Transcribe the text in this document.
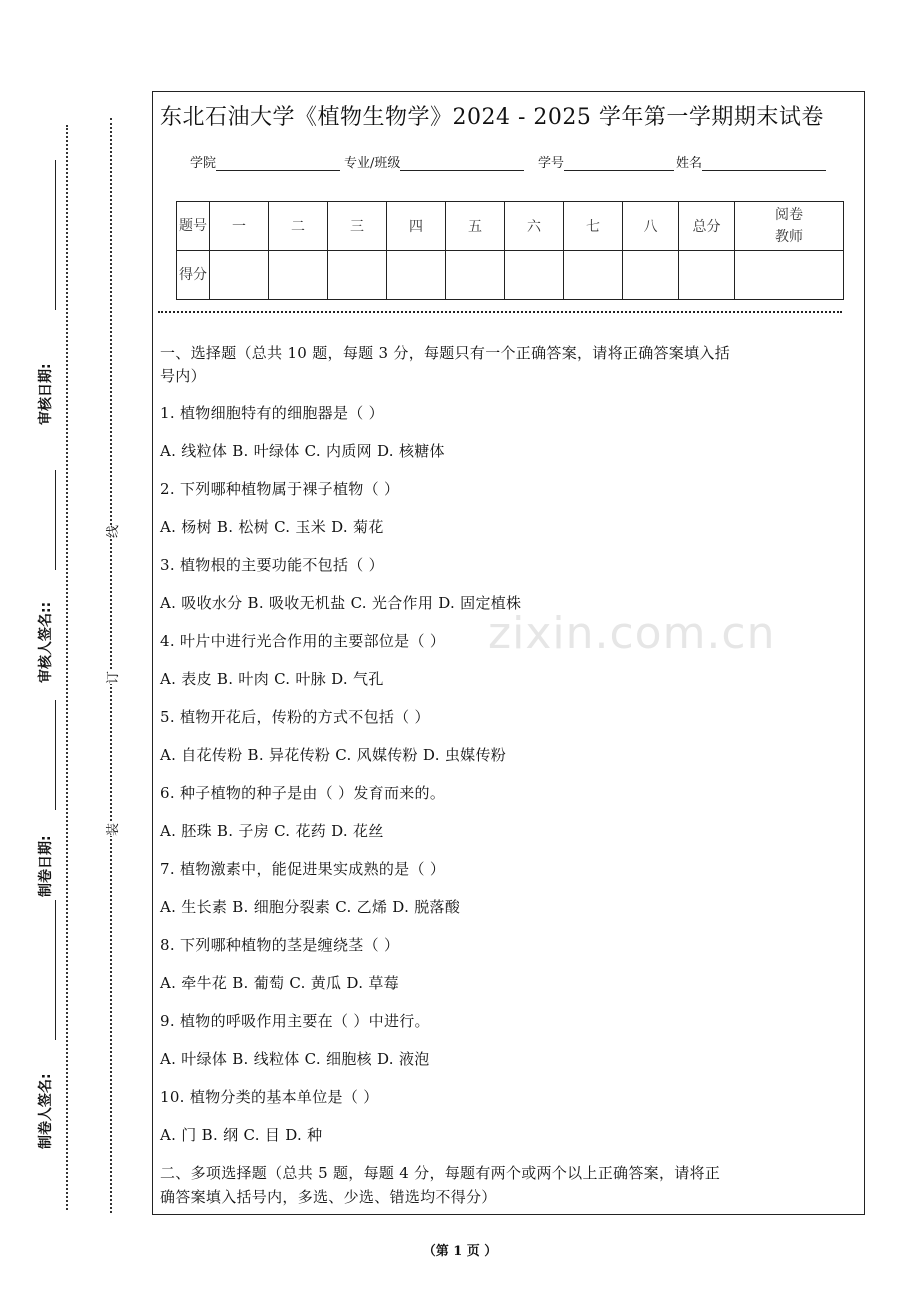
zixin.com.cn
东北石油大学《植物生物学》2024 - 2025 学年第一学期期末试卷
学院	专业/班级	学号	姓名
题号	一	二	三	四	五	六	七	八	总分	阅卷教师
得分										
一、选择题（总共 10 题，每题 3 分，每题只有一个正确答案，请将正确答案填入括
号内）
1. 植物细胞特有的细胞器是（ ）
A. 线粒体 B. 叶绿体 C. 内质网 D. 核糖体
2. 下列哪种植物属于裸子植物（ ）
A. 杨树 B. 松树 C. 玉米 D. 菊花
3. 植物根的主要功能不包括（ ）
A. 吸收水分 B. 吸收无机盐 C. 光合作用 D. 固定植株
4. 叶片中进行光合作用的主要部位是（ ）
A. 表皮 B. 叶肉 C. 叶脉 D. 气孔
5. 植物开花后，传粉的方式不包括（ ）
A. 自花传粉 B. 异花传粉 C. 风媒传粉 D. 虫媒传粉
6. 种子植物的种子是由（ ）发育而来的。
A. 胚珠 B. 子房 C. 花药 D. 花丝
7. 植物激素中，能促进果实成熟的是（ ）
A. 生长素 B. 细胞分裂素 C. 乙烯 D. 脱落酸
8. 下列哪种植物的茎是缠绕茎（ ）
A. 牵牛花 B. 葡萄 C. 黄瓜 D. 草莓
9. 植物的呼吸作用主要在（ ）中进行。
A. 叶绿体 B. 线粒体 C. 细胞核 D. 液泡
10. 植物分类的基本单位是（ ）
A. 门 B. 纲 C. 目 D. 种
二、多项选择题（总共 5 题，每题 4 分，每题有两个或两个以上正确答案，请将正
确答案填入括号内，多选、少选、错选均不得分）
审核日期:
审核人签名::
制卷日期:
制卷人签名:
线
订
装
（第 1 页 ）
